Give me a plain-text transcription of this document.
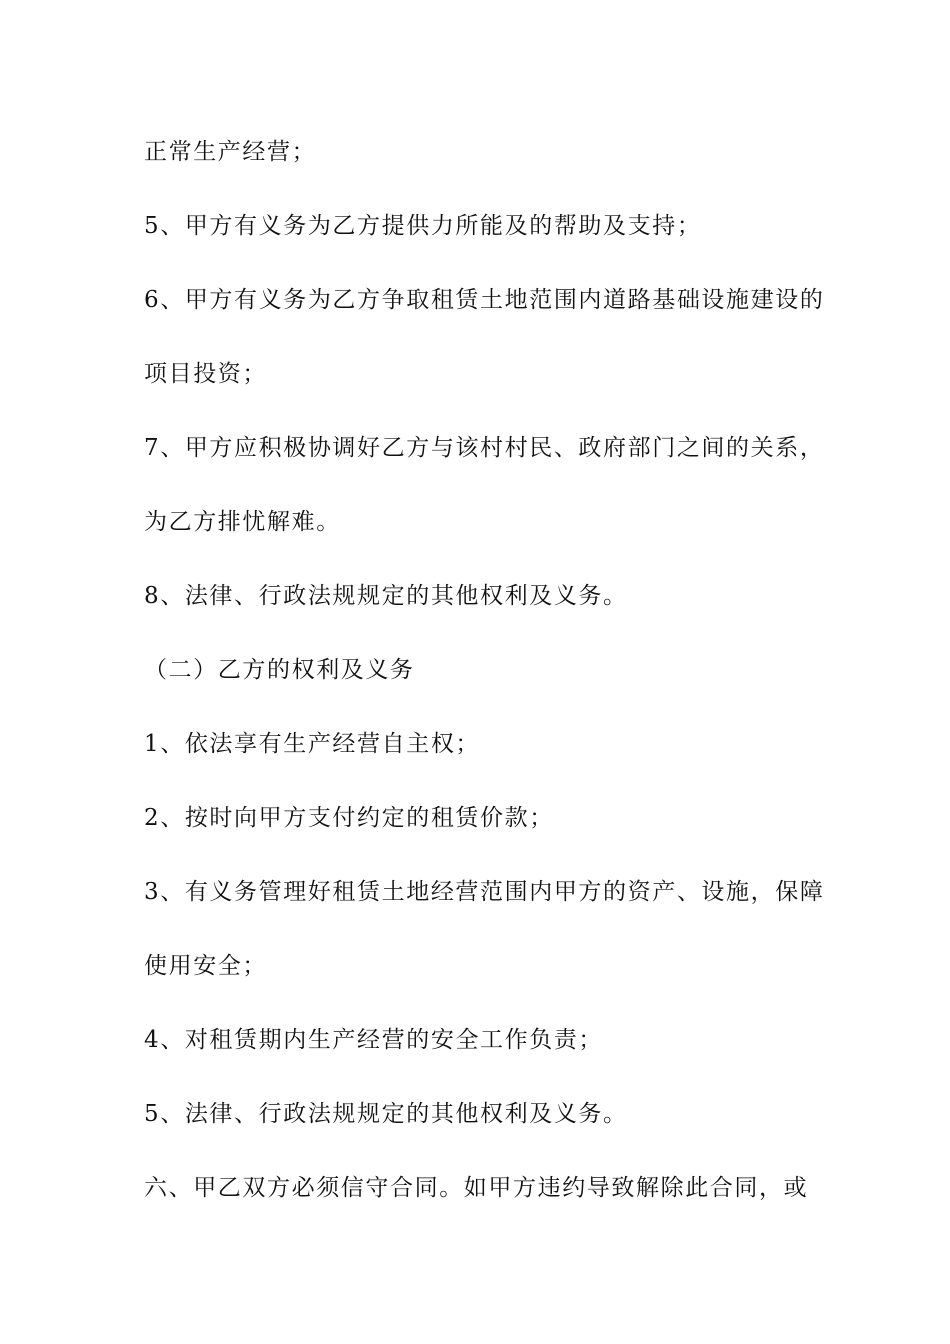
正常生产经营；
5、甲方有义务为乙方提供力所能及的帮助及支持；
6、甲方有义务为乙方争取租赁土地范围内道路基础设施建设的
项目投资；
7、甲方应积极协调好乙方与该村村民、政府部门之间的关系，
为乙方排忧解难。
8、法律、行政法规规定的其他权利及义务。
（二）乙方的权利及义务
1、依法享有生产经营自主权；
2、按时向甲方支付约定的租赁价款；
3、有义务管理好租赁土地经营范围内甲方的资产、设施，保障
使用安全；
4、对租赁期内生产经营的安全工作负责；
5、法律、行政法规规定的其他权利及义务。
六、甲乙双方必须信守合同。如甲方违约导致解除此合同，或
